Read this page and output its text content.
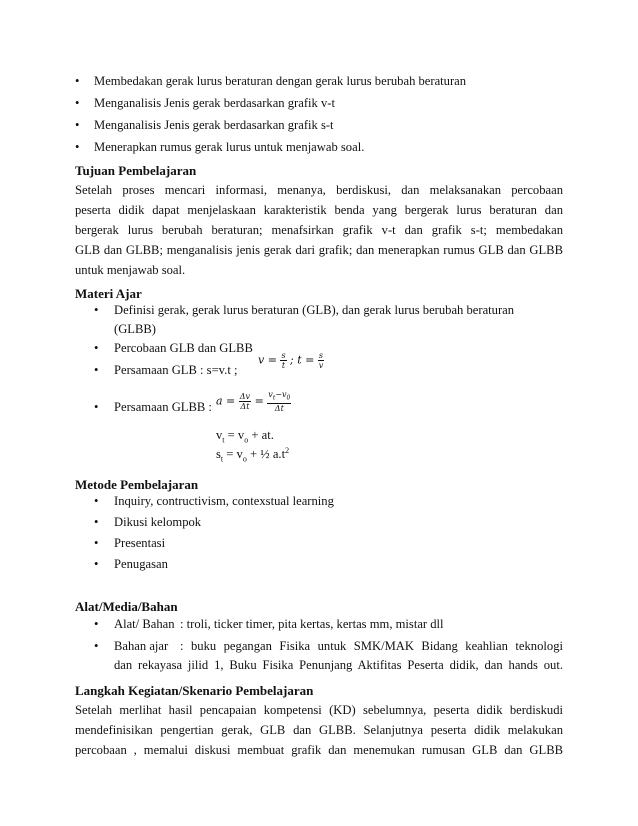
• Membedakan gerak lurus beraturan dengan gerak lurus berubah beraturan
• Menganalisis Jenis gerak berdasarkan grafik v-t
• Menganalisis Jenis gerak berdasarkan grafik s-t
• Menerapkan rumus gerak lurus untuk menjawab soal.
Tujuan Pembelajaran
Setelah proses mencari informasi, menanya, berdiskusi, dan melaksanakan percobaan
peserta didik dapat menjelaskaan karakteristik benda yang bergerak lurus beraturan dan
bergerak lurus berubah beraturan; menafsirkan grafik v-t dan grafik s-t; membedakan
GLB dan GLBB; menganalisis jenis gerak dari grafik; dan menerapkan rumus GLB dan GLBB
untuk menjawab soal.
Materi Ajar
• Definisi gerak, gerak lurus beraturan (GLB), dan gerak lurus berubah beraturan
(GLBB)
• Percobaan GLB dan GLBB
• Persamaan GLB : s=v.t ;
$v = \frac{s}{t}$ ; $t = \frac{s}{v}$
• Persamaan GLBB : $a = \frac{\Delta v}{\Delta t} = \frac{v_t-v_0}{\Delta t}$
$v_t = v_o$ + at.
$s_t = v_o$ + ½ $a.t^2$
Metode Pembelajaran
• Inquiry, contructivism, contexstual learning
• Dikusi kelompok
• Presentasi
• Penugasan
Alat/Media/Bahan
• Alat/ Bahan : troli, ticker timer, pita kertas, kertas mm, mistar dll
• Bahan ajar : buku pegangan Fisika untuk SMK/MAK Bidang keahlian teknologi
dan rekayasa jilid 1, Buku Fisika Penunjang Aktifitas Peserta didik, dan hands out.
Langkah Kegiatan/Skenario Pembelajaran
Setelah merlihat hasil pencapaian kompetensi (KD) sebelumnya, peserta didik berdiskudi
mendefinisikan pengertian gerak, GLB dan GLBB. Selanjutnya peserta didik melakukan
percobaan , memalui diskusi membuat grafik dan menemukan rumusan GLB dan GLBB
